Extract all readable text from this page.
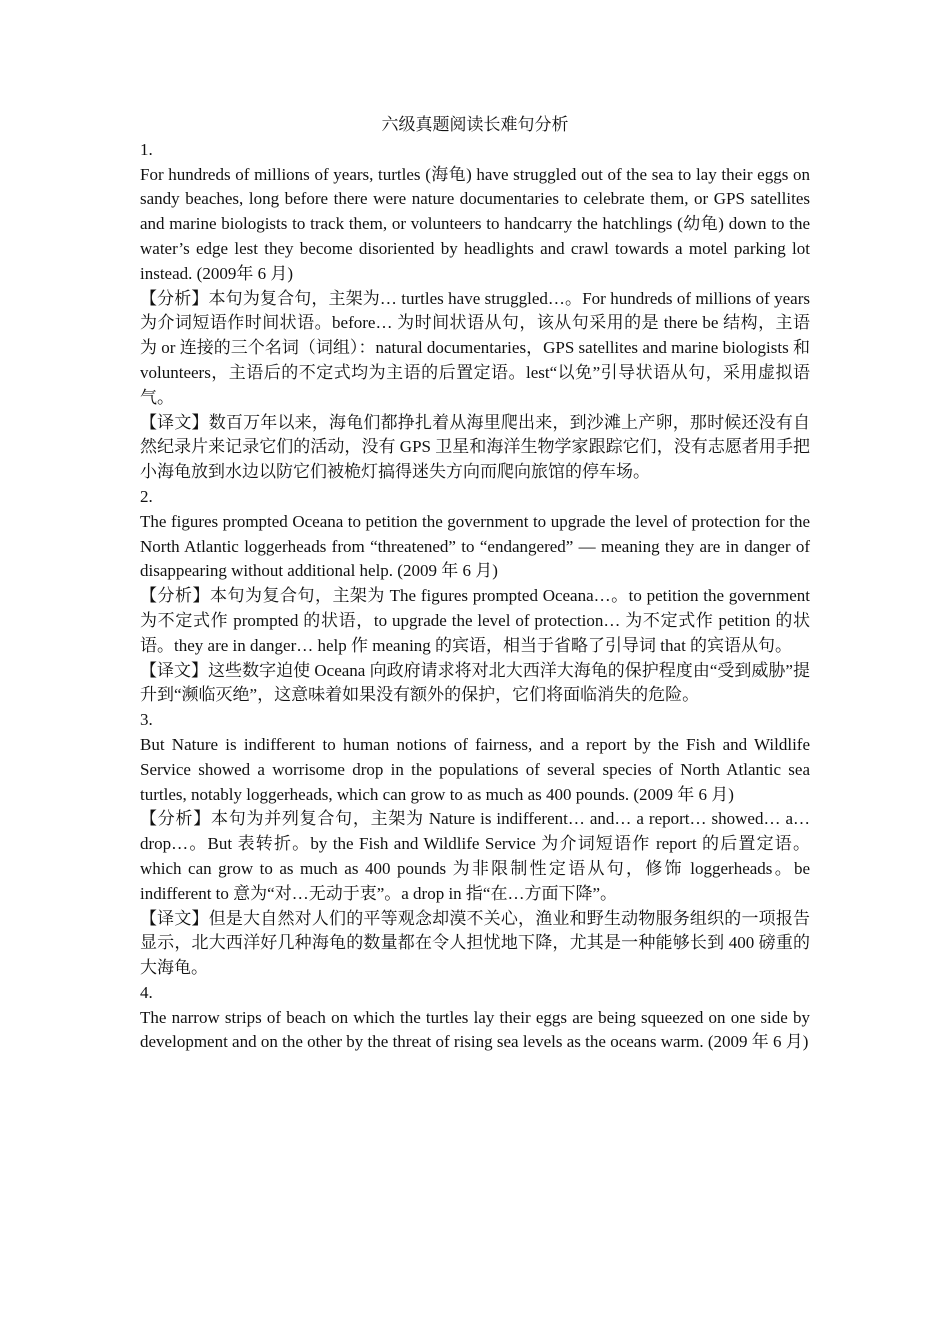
六级真题阅读长难句分析

1.

For hundreds of millions of years, turtles (海龟) have struggled out of the sea to lay their eggs on sandy beaches, long before there were nature documentaries to celebrate them, or GPS satellites and marine biologists to track them, or volunteers to handcarry the hatchlings (幼龟) down to the water’s edge lest they become disoriented by headlights and crawl towards a motel parking lot instead. (2009年 6 月)

【分析】本句为复合句，主架为… turtles have struggled…。For hundreds of millions of years 为介词短语作时间状语。before… 为时间状语从句，该从句采用的是 there be 结构，主语为 or 连接的三个名词（词组）：natural documentaries，GPS satellites and marine biologists 和 volunteers，主语后的不定式均为主语的后置定语。lest“以免”引导状语从句，采用虚拟语气。

【译文】数百万年以来，海龟们都挣扎着从海里爬出来，到沙滩上产卵，那时候还没有自然纪录片来记录它们的活动，没有 GPS 卫星和海洋生物学家跟踪它们，没有志愿者用手把小海龟放到水边以防它们被桅灯搞得迷失方向而爬向旅馆的停车场。

2.

The figures prompted Oceana to petition the government to upgrade the level of protection for the North Atlantic loggerheads from “threatened” to “endangered” — meaning they are in danger of disappearing without additional help. (2009 年 6 月)

【分析】本句为复合句，主架为 The figures prompted Oceana…。to petition the government 为不定式作 prompted 的状语，to upgrade the level of protection… 为不定式作 petition 的状语。they are in danger… help 作 meaning 的宾语，相当于省略了引导词 that 的宾语从句。

【译文】这些数字迫使 Oceana 向政府请求将对北大西洋大海龟的保护程度由“受到威胁”提升到“濒临灭绝”，这意味着如果没有额外的保护，它们将面临消失的危险。

3.

But Nature is indifferent to human notions of fairness, and a report by the Fish and Wildlife Service showed a worrisome drop in the populations of several species of North Atlantic sea turtles, notably loggerheads, which can grow to as much as 400 pounds. (2009 年 6 月)

【分析】本句为并列复合句，主架为 Nature is indifferent… and… a report… showed… a… drop…。But 表转折。by the Fish and Wildlife Service 为介词短语作 report 的后置定语。which can grow to as much as 400 pounds 为非限制性定语从句，修饰 loggerheads。be indifferent to 意为“对…无动于衷”。a drop in 指“在…方面下降”。

【译文】但是大自然对人们的平等观念却漠不关心，渔业和野生动物服务组织的一项报告显示，北大西洋好几种海龟的数量都在令人担忧地下降，尤其是一种能够长到 400 磅重的大海龟。

4.

The narrow strips of beach on which the turtles lay their eggs are being squeezed on one side by development and on the other by the threat of rising sea levels as the oceans warm. (2009 年 6 月)
